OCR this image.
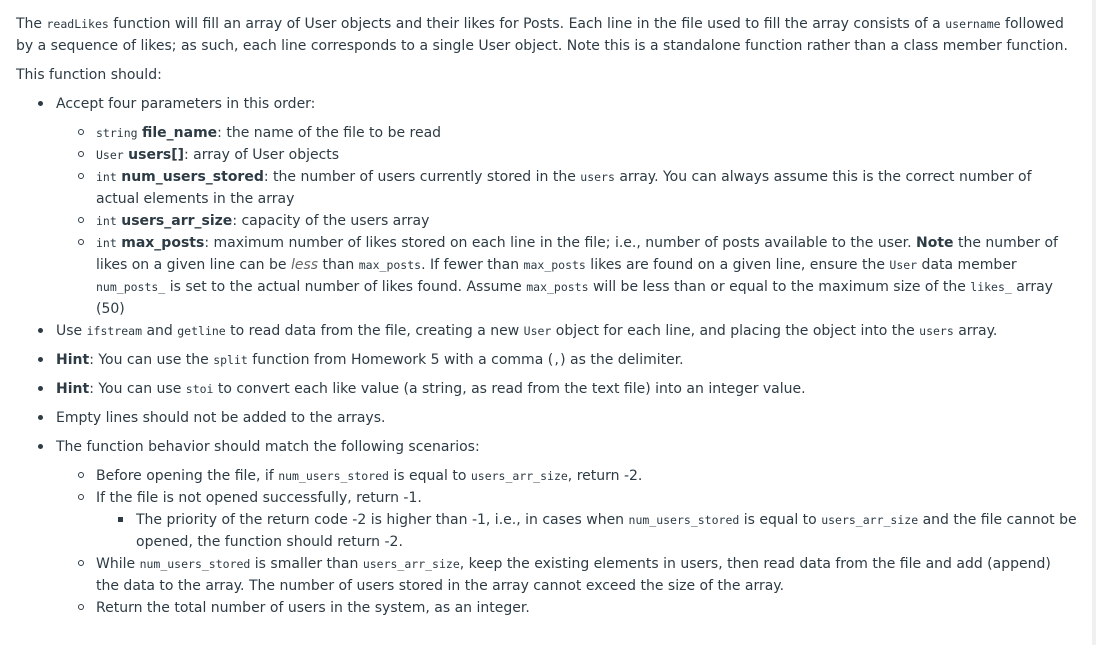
The readLikes function will fill an array of User objects and their likes for Posts. Each line in the file used to fill the array consists of a username followed by a sequence of likes; as such, each line corresponds to a single User object. Note this is a standalone function rather than a class member function.

This function should:

Accept four parameters in this order:
string file_name: the name of the file to be read
User users[]: array of User objects
int num_users_stored: the number of users currently stored in the users array. You can always assume this is the correct number of actual elements in the array
int users_arr_size: capacity of the users array
int max_posts: maximum number of likes stored on each line in the file; i.e., number of posts available to the user. Note the number of likes on a given line can be less than max_posts. If fewer than max_posts likes are found on a given line, ensure the User data member num_posts_ is set to the actual number of likes found. Assume max_posts will be less than or equal to the maximum size of the likes_ array (50)
Use ifstream and getline to read data from the file, creating a new User object for each line, and placing the object into the users array.
Hint: You can use the split function from Homework 5 with a comma (,) as the delimiter.
Hint: You can use stoi to convert each like value (a string, as read from the text file) into an integer value.
Empty lines should not be added to the arrays.
The function behavior should match the following scenarios:
Before opening the file, if num_users_stored is equal to users_arr_size, return -2.
If the file is not opened successfully, return -1.
The priority of the return code -2 is higher than -1, i.e., in cases when num_users_stored is equal to users_arr_size and the file cannot be opened, the function should return -2.
While num_users_stored is smaller than users_arr_size, keep the existing elements in users, then read data from the file and add (append) the data to the array. The number of users stored in the array cannot exceed the size of the array.
Return the total number of users in the system, as an integer.
